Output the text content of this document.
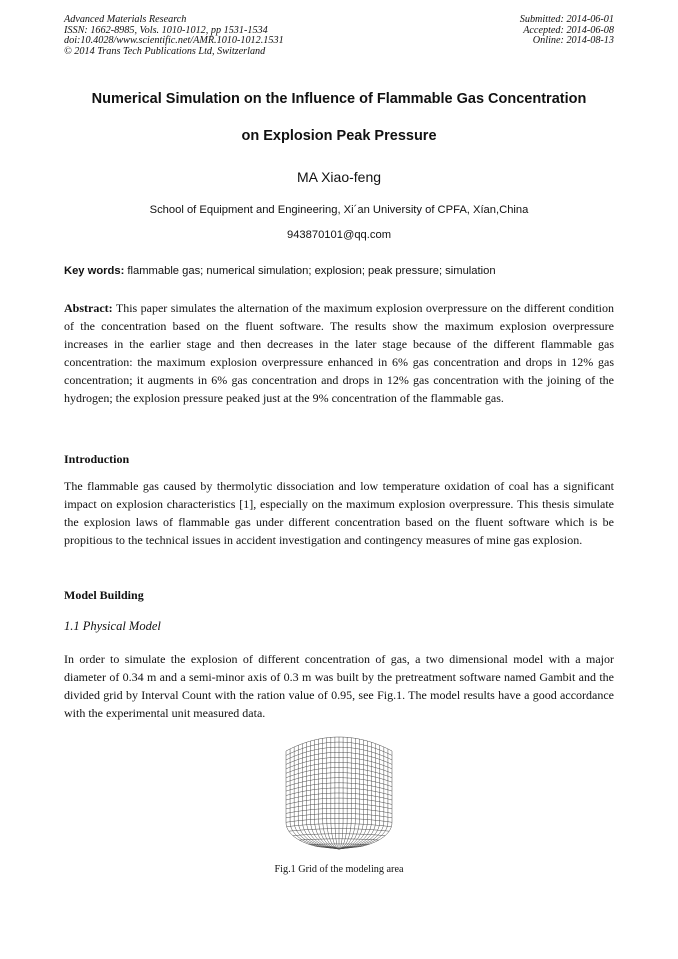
Advanced Materials Research
ISSN: 1662-8985, Vols. 1010-1012, pp 1531-1534
doi:10.4028/www.scientific.net/AMR.1010-1012.1531
© 2014 Trans Tech Publications Ltd, Switzerland
Submitted: 2014-06-01
Accepted: 2014-06-08
Online: 2014-08-13
Numerical Simulation on the Influence of Flammable Gas Concentration
on Explosion Peak Pressure
MA Xiao-feng
School of Equipment and Engineering, Xi´an University of CPFA, Xían,China
943870101@qq.com
Key words: flammable gas; numerical simulation; explosion; peak pressure; simulation
Abstract: This paper simulates the alternation of the maximum explosion overpressure on the different condition of the concentration based on the fluent software. The results show the maximum explosion overpressure increases in the earlier stage and then decreases in the later stage because of the different flammable gas concentration: the maximum explosion overpressure enhanced in 6% gas concentration and drops in 12% gas concentration; it augments in 6% gas concentration and drops in 12% gas concentration with the joining of the hydrogen; the explosion pressure peaked just at the 9% concentration of the flammable gas.
Introduction
The flammable gas caused by thermolytic dissociation and low temperature oxidation of coal has a significant impact on explosion characteristics [1], especially on the maximum explosion overpressure. This thesis simulate the explosion laws of flammable gas under different concentration based on the fluent software which is be propitious to the technical issues in accident investigation and contingency measures of mine gas explosion.
Model Building
1.1 Physical Model
In order to simulate the explosion of different concentration of gas, a two dimensional model with a major diameter of 0.34 m and a semi-minor axis of 0.3 m was built by the pretreatment software named Gambit and the divided grid by Interval Count with the ration value of 0.95, see Fig.1. The model results have a good accordance with the experimental unit measured data.
Fig.1 Grid of the modeling area
